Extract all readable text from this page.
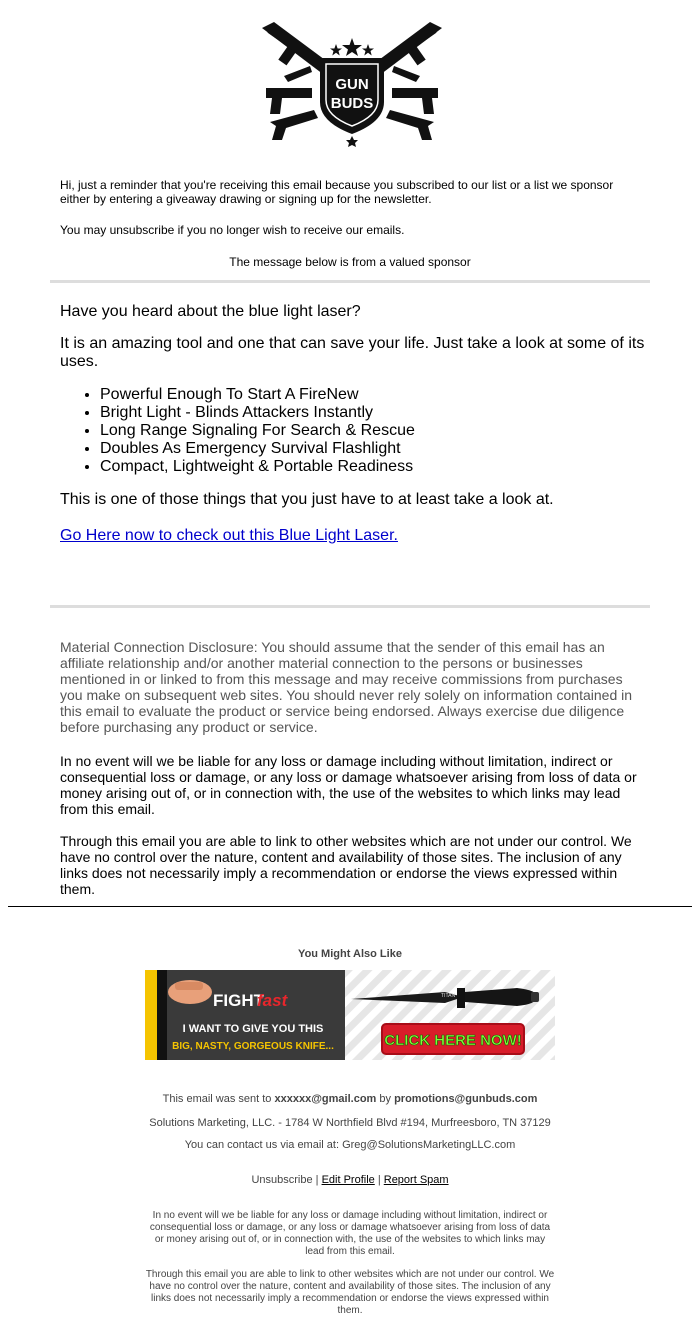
GUN
BUDS
Hi, just a reminder that you're receiving this email because you subscribed to our list or a list we sponsor either by entering a giveaway drawing or signing up for the newsletter.
You may unsubscribe if you no longer wish to receive our emails.
The message below is from a valued sponsor

Have you heard about the blue light laser?

It is an amazing tool and one that can save your life. Just take a look at some of its uses.

• Powerful Enough To Start A FireNew
• Bright Light - Blinds Attackers Instantly
• Long Range Signaling For Search & Rescue
• Doubles As Emergency Survival Flashlight
• Compact, Lightweight & Portable Readiness

This is one of those things that you just have to at least take a look at.

Go Here now to check out this Blue Light Laser.

Material Connection Disclosure: You should assume that the sender of this email has an affiliate relationship and/or another material connection to the persons or businesses mentioned in or linked to from this message and may receive commissions from purchases you make on subsequent web sites. You should never rely solely on information contained in this email to evaluate the product or service being endorsed. Always exercise due diligence before purchasing any product or service.
In no event will we be liable for any loss or damage including without limitation, indirect or consequential loss or damage, or any loss or damage whatsoever arising from loss of data or money arising out of, or in connection with, the use of the websites to which links may lead from this email.
Through this email you are able to link to other websites which are not under our control. We have no control over the nature, content and availability of those sites. The inclusion of any links does not necessarily imply a recommendation or endorse the views expressed within them.
You Might Also Like
FIGHT
fast
I WANT TO GIVE YOU THIS
BIG, NASTY, GORGEOUS KNIFE...
TITAN
CLICK HERE NOW!
This email was sent to xxxxxx@gmail.com by promotions@gunbuds.com
Solutions Marketing, LLC. - 1784 W Northfield Blvd #194, Murfreesboro, TN 37129
You can contact us via email at: Greg@SolutionsMarketingLLC.com
Unsubscribe | Edit Profile | Report Spam
In no event will we be liable for any loss or damage including without limitation, indirect or consequential loss or damage, or any loss or damage whatsoever arising from loss of data or money arising out of, or in connection with, the use of the websites to which links may lead from this email.
Through this email you are able to link to other websites which are not under our control. We have no control over the nature, content and availability of those sites. The inclusion of any links does not necessarily imply a recommendation or endorse the views expressed within them.
